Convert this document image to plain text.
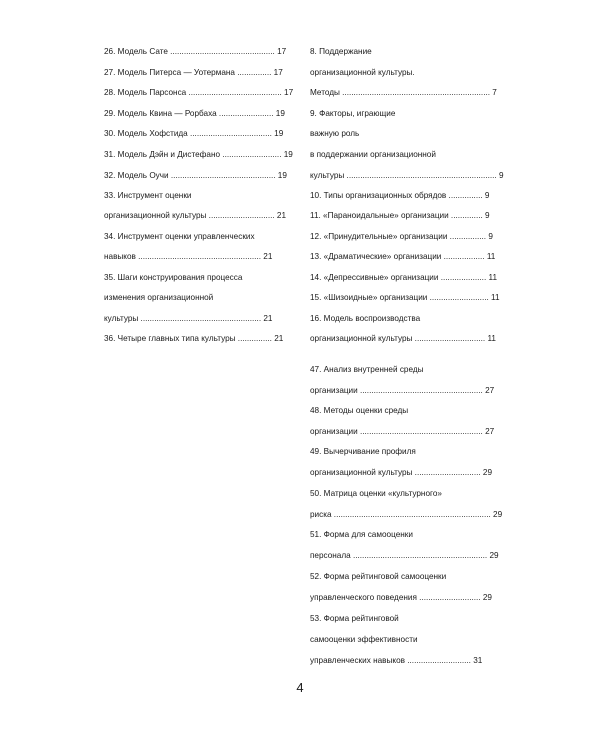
26. Модель Сате .............................................. 17
27. Модель Питерса — Уотермана ............... 17
28. Модель Парсонса ......................................... 17
29. Модель Квина — Рорбаха ........................ 19
30. Модель Хофстида .................................... 19
31. Модель Дэйн и Дистефано .......................... 19
32. Модель Оучи .............................................. 19
33. Инструмент оценки
организационной культуры ............................. 21
34. Инструмент оценки управленческих
навыков ...................................................... 21
35. Шаги конструирования процесса
изменения организационной
культуры ..................................................... 21
36. Четыре главных типа культуры ............... 21
8. Поддержание
организационной культуры.
Методы ................................................................. 7
9. Факторы, играющие
важную роль
в поддержании организационной
культуры .................................................................. 9
10. Типы организационных обрядов ............... 9
11. «Параноидальные» организации .............. 9
12. «Принудительные» организации ................ 9
13. «Драматические» организации .................. 11
14. «Депрессивные» организации .................... 11
15. «Шизоидные» организации .......................... 11
16. Модель воспроизводства
организационной культуры ............................... 11
47. Анализ внутренней среды
организации ...................................................... 27
48. Методы оценки среды
организации ...................................................... 27
49. Вычерчивание профиля
организационной культуры ............................. 29
50. Матрица оценки «культурного»
риска ..................................................................... 29
51. Форма для самооценки
персонала ........................................................... 29
52. Форма рейтинговой самооценки
управленческого поведения ........................... 29
53. Форма рейтинговой
самооценки эффективности
управленческих навыков ............................ 31
4
